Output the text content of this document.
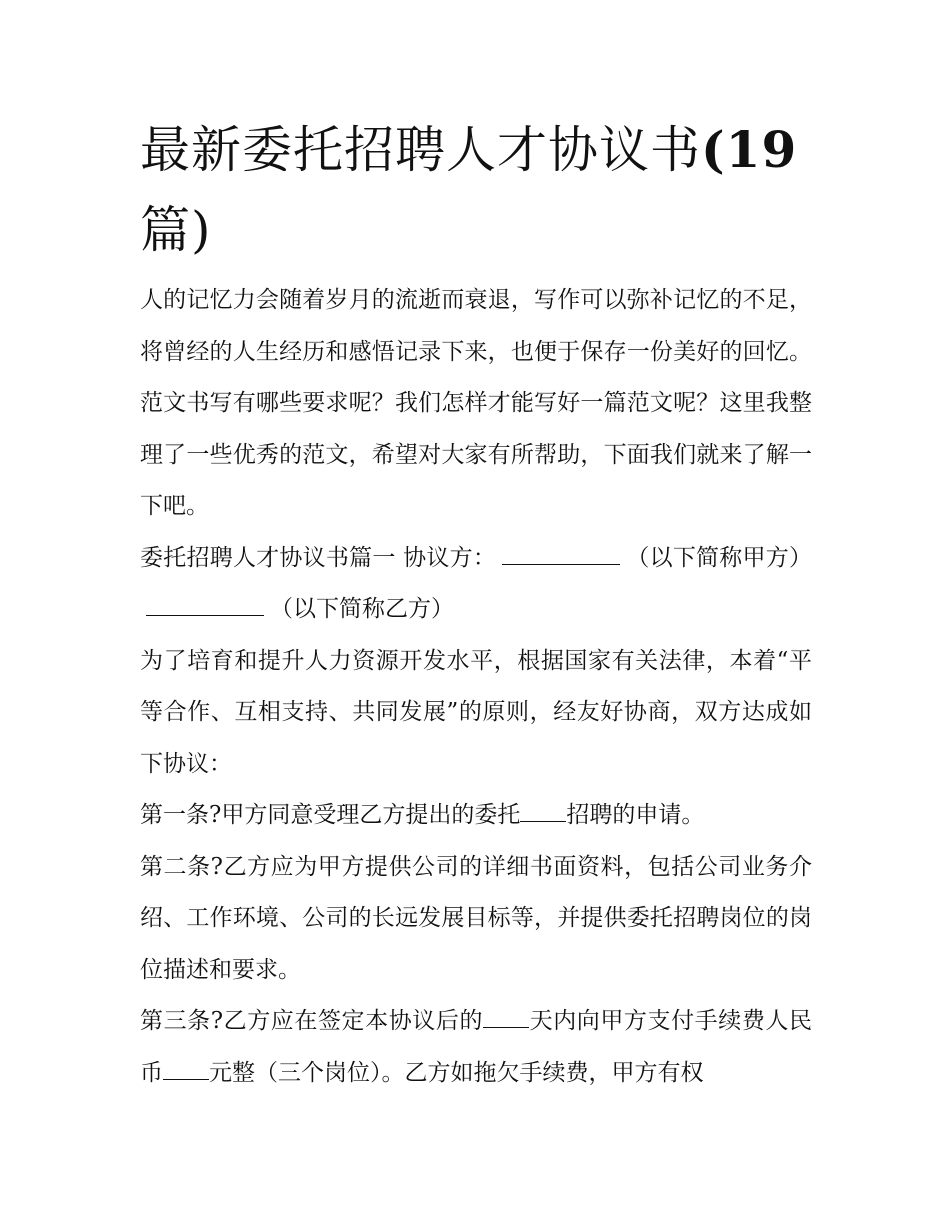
最新委托招聘人才协议书(19
篇)

人的记忆力会随着岁月的流逝而衰退，写作可以弥补记忆的不足，将曾经的人生经历和感悟记录下来，也便于保存一份美好的回忆。范文书写有哪些要求呢？我们怎样才能写好一篇范文呢？这里我整理了一些优秀的范文，希望对大家有所帮助，下面我们就来了解一下吧。

委托招聘人才协议书篇一 协议方：	（以下简称甲方）（以下简称乙方）

为了培育和提升人力资源开发水平，根据国家有关法律，本着“平等合作、互相支持、共同发展”的原则，经友好协商，双方达成如下协议：

第一条?甲方同意受理乙方提出的委托 招聘的申请。

第二条?乙方应为甲方提供公司的详细书面资料，包括公司业务介绍、工作环境、公司的长远发展目标等，并提供委托招聘岗位的岗位描述和要求。

第三条?乙方应在签定本协议后的 天内向甲方支付手续费人民币 元整（三个岗位）。乙方如拖欠手续费，甲方有权
